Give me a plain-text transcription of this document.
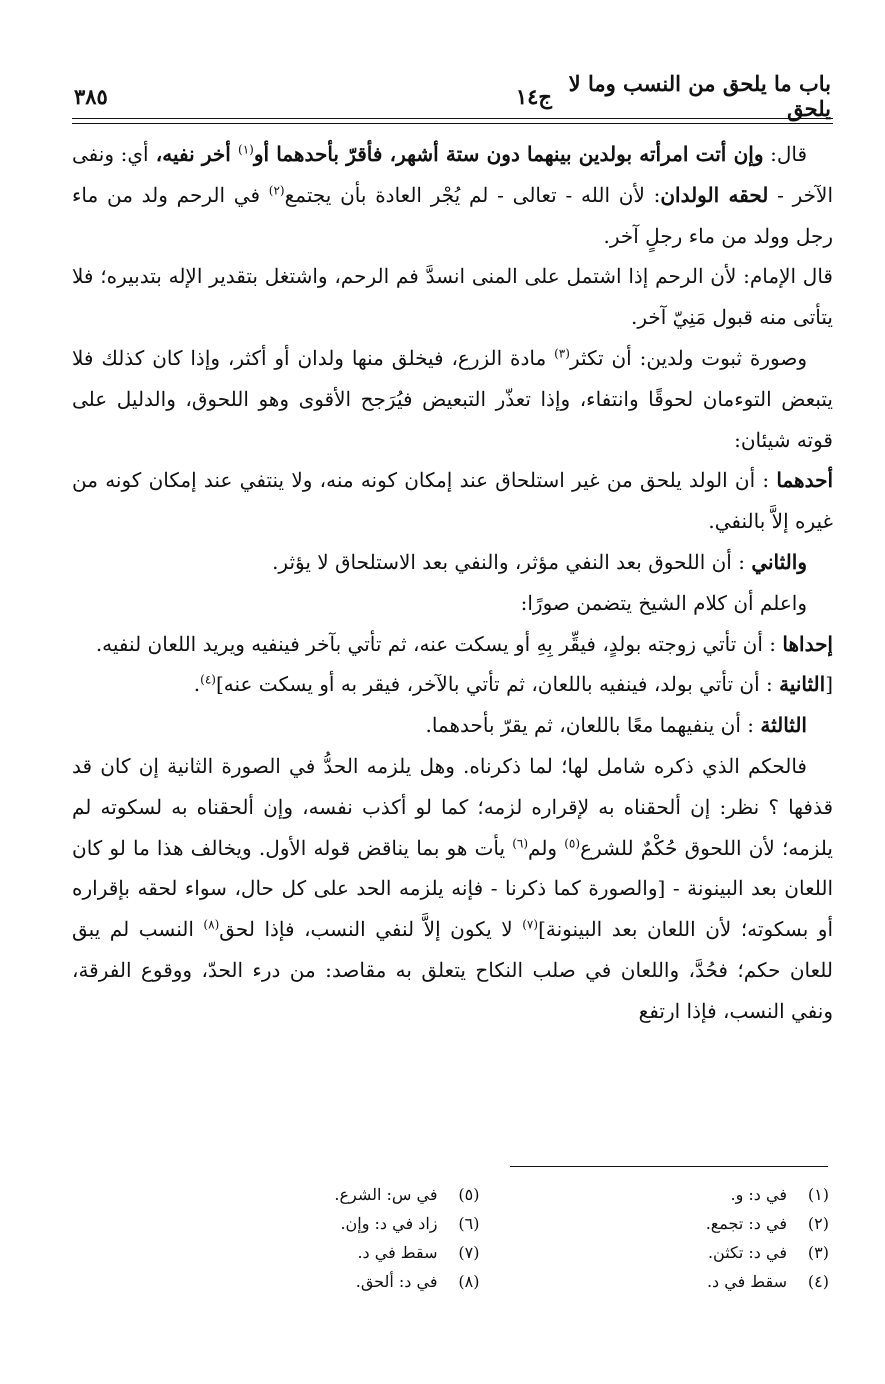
باب ما يلحق من النسب وما لا يلحق
ج١٤
٣٨٥

قال: وإن أتت امرأته بولدين بينهما دون ستة أشهر، فأقرّ بأحدهما أو$^{(١)}$ أخر نفيه، أي: ونفى الآخر - لحقه الولدان: لأن الله - تعالى - لم يُجْر العادة بأن يجتمع$^{(٢)}$ في الرحم ولد من ماء رجل وولد من ماء رجلٍ آخر.

قال الإمام: لأن الرحم إذا اشتمل على المنى انسدَّ فم الرحم، واشتغل بتقدير الإله بتدبيره؛ فلا يتأتى منه قبول مَنِيّ آخر.

وصورة ثبوت ولدين: أن تكثر$^{(٣)}$ مادة الزرع، فيخلق منها ولدان أو أكثر، وإذا كان كذلك فلا يتبعض التوءمان لحوقًا وانتفاء، وإذا تعذّر التبعيض فيُرَجح الأقوى وهو اللحوق، والدليل على قوته شيئان:

أحدهما : أن الولد يلحق من غير استلحاق عند إمكان كونه منه، ولا ينتفي عند إمكان كونه من غيره إلاَّ بالنفي.

والثاني : أن اللحوق بعد النفي مؤثر، والنفي بعد الاستلحاق لا يؤثر.

واعلم أن كلام الشيخ يتضمن صورًا:

إحداها : أن تأتي زوجته بولدٍ، فيقِّر بِهِ أو يسكت عنه، ثم تأتي بآخر فينفيه ويريد اللعان لنفيه.

[الثانية : أن تأتي بولد، فينفيه باللعان، ثم تأتي بالآخر، فيقر به أو يسكت عنه]$^{(٤)}$.

الثالثة : أن ينفيهما معًا باللعان، ثم يقرّ بأحدهما.

فالحكم الذي ذكره شامل لها؛ لما ذكرناه. وهل يلزمه الحدُّ في الصورة الثانية إن كان قد قذفها ؟ نظر: إن ألحقناه به لإقراره لزمه؛ كما لو أكذب نفسه، وإن ألحقناه به لسكوته لم يلزمه؛ لأن اللحوق حُكْمٌ للشرع$^{(٥)}$ ولم$^{(٦)}$ يأت هو بما يناقض قوله الأول. ويخالف هذا ما لو كان اللعان بعد البينونة - [والصورة كما ذكرنا - فإنه يلزمه الحد على كل حال، سواء لحقه بإقراره أو بسكوته؛ لأن اللعان بعد البينونة]$^{(٧)}$ لا يكون إلاَّ لنفي النسب، فإذا لحق$^{(٨)}$ النسب لم يبق للعان حكم؛ فحُدَّ، واللعان في صلب النكاح يتعلق به مقاصد: من درء الحدّ، ووقوع الفرقة، ونفي النسب، فإذا ارتفع

(١)
في د: و.
(٢)
في د: تجمع.
(٣)
في د: تكثن.
(٤)
سقط في د.
(٥)
في س: الشرع.
(٦)
زاد في د: وإن.
(٧)
سقط في د.
(٨)
في د: ألحق.
